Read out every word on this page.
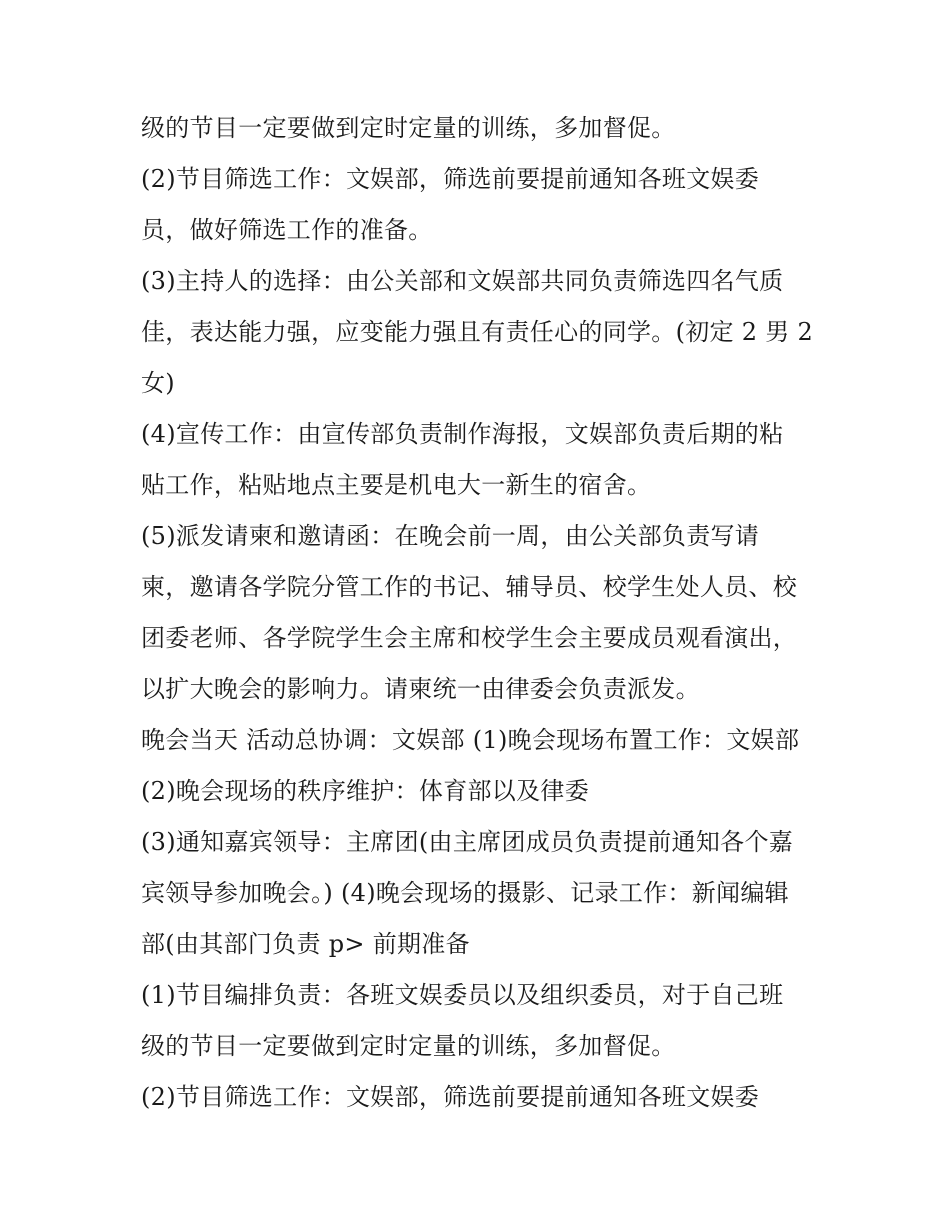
级的节目一定要做到定时定量的训练，多加督促。
(2)节目筛选工作：文娱部，筛选前要提前通知各班文娱委
员，做好筛选工作的准备。
(3)主持人的选择：由公关部和文娱部共同负责筛选四名气质
佳，表达能力强，应变能力强且有责任心的同学。(初定 2 男 2
女)
(4)宣传工作：由宣传部负责制作海报，文娱部负责后期的粘
贴工作，粘贴地点主要是机电大一新生的宿舍。
(5)派发请柬和邀请函：在晚会前一周，由公关部负责写请
柬，邀请各学院分管工作的书记、辅导员、校学生处人员、校
团委老师、各学院学生会主席和校学生会主要成员观看演出，
以扩大晚会的影响力。请柬统一由律委会负责派发。
晚会当天 活动总协调：文娱部 (1)晚会现场布置工作：文娱部
(2)晚会现场的秩序维护：体育部以及律委
(3)通知嘉宾领导：主席团(由主席团成员负责提前通知各个嘉
宾领导参加晚会。) (4)晚会现场的摄影、记录工作：新闻编辑
部(由其部门负责 p> 前期准备
(1)节目编排负责：各班文娱委员以及组织委员，对于自己班
级的节目一定要做到定时定量的训练，多加督促。
(2)节目筛选工作：文娱部，筛选前要提前通知各班文娱委
